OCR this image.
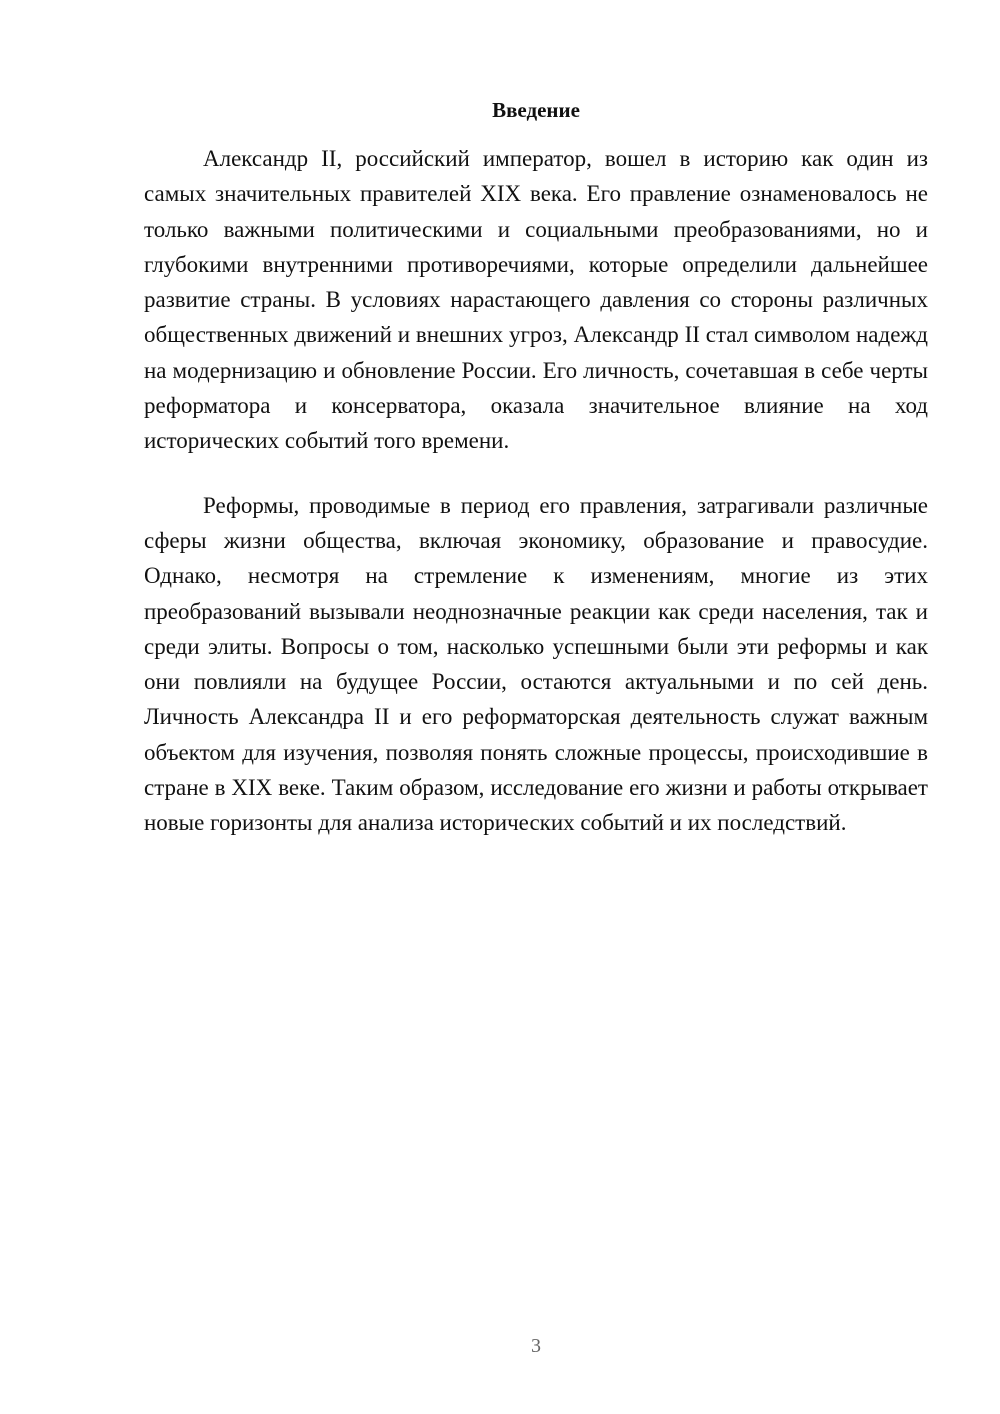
Введение

Александр II, российский император, вошел в историю как один из самых значительных правителей XIX века. Его правление ознаменовалось не только важными политическими и социальными преобразованиями, но и глубокими внутренними противоречиями, которые определили дальнейшее развитие страны. В условиях нарастающего давления со стороны различных общественных движений и внешних угроз, Александр II стал символом надежд на модернизацию и обновление России. Его личность, сочетавшая в себе черты реформатора и консерватора, оказала значительное влияние на ход исторических событий того времени.

Реформы, проводимые в период его правления, затрагивали различные сферы жизни общества, включая экономику, образование и правосудие. Однако, несмотря на стремление к изменениям, многие из этих преобразований вызывали неоднозначные реакции как среди населения, так и среди элиты. Вопросы о том, насколько успешными были эти реформы и как они повлияли на будущее России, остаются актуальными и по сей день. Личность Александра II и его реформаторская деятельность служат важным объектом для изучения, позволяя понять сложные процессы, происходившие в стране в XIX веке. Таким образом, исследование его жизни и работы открывает новые горизонты для анализа исторических событий и их последствий.

3
